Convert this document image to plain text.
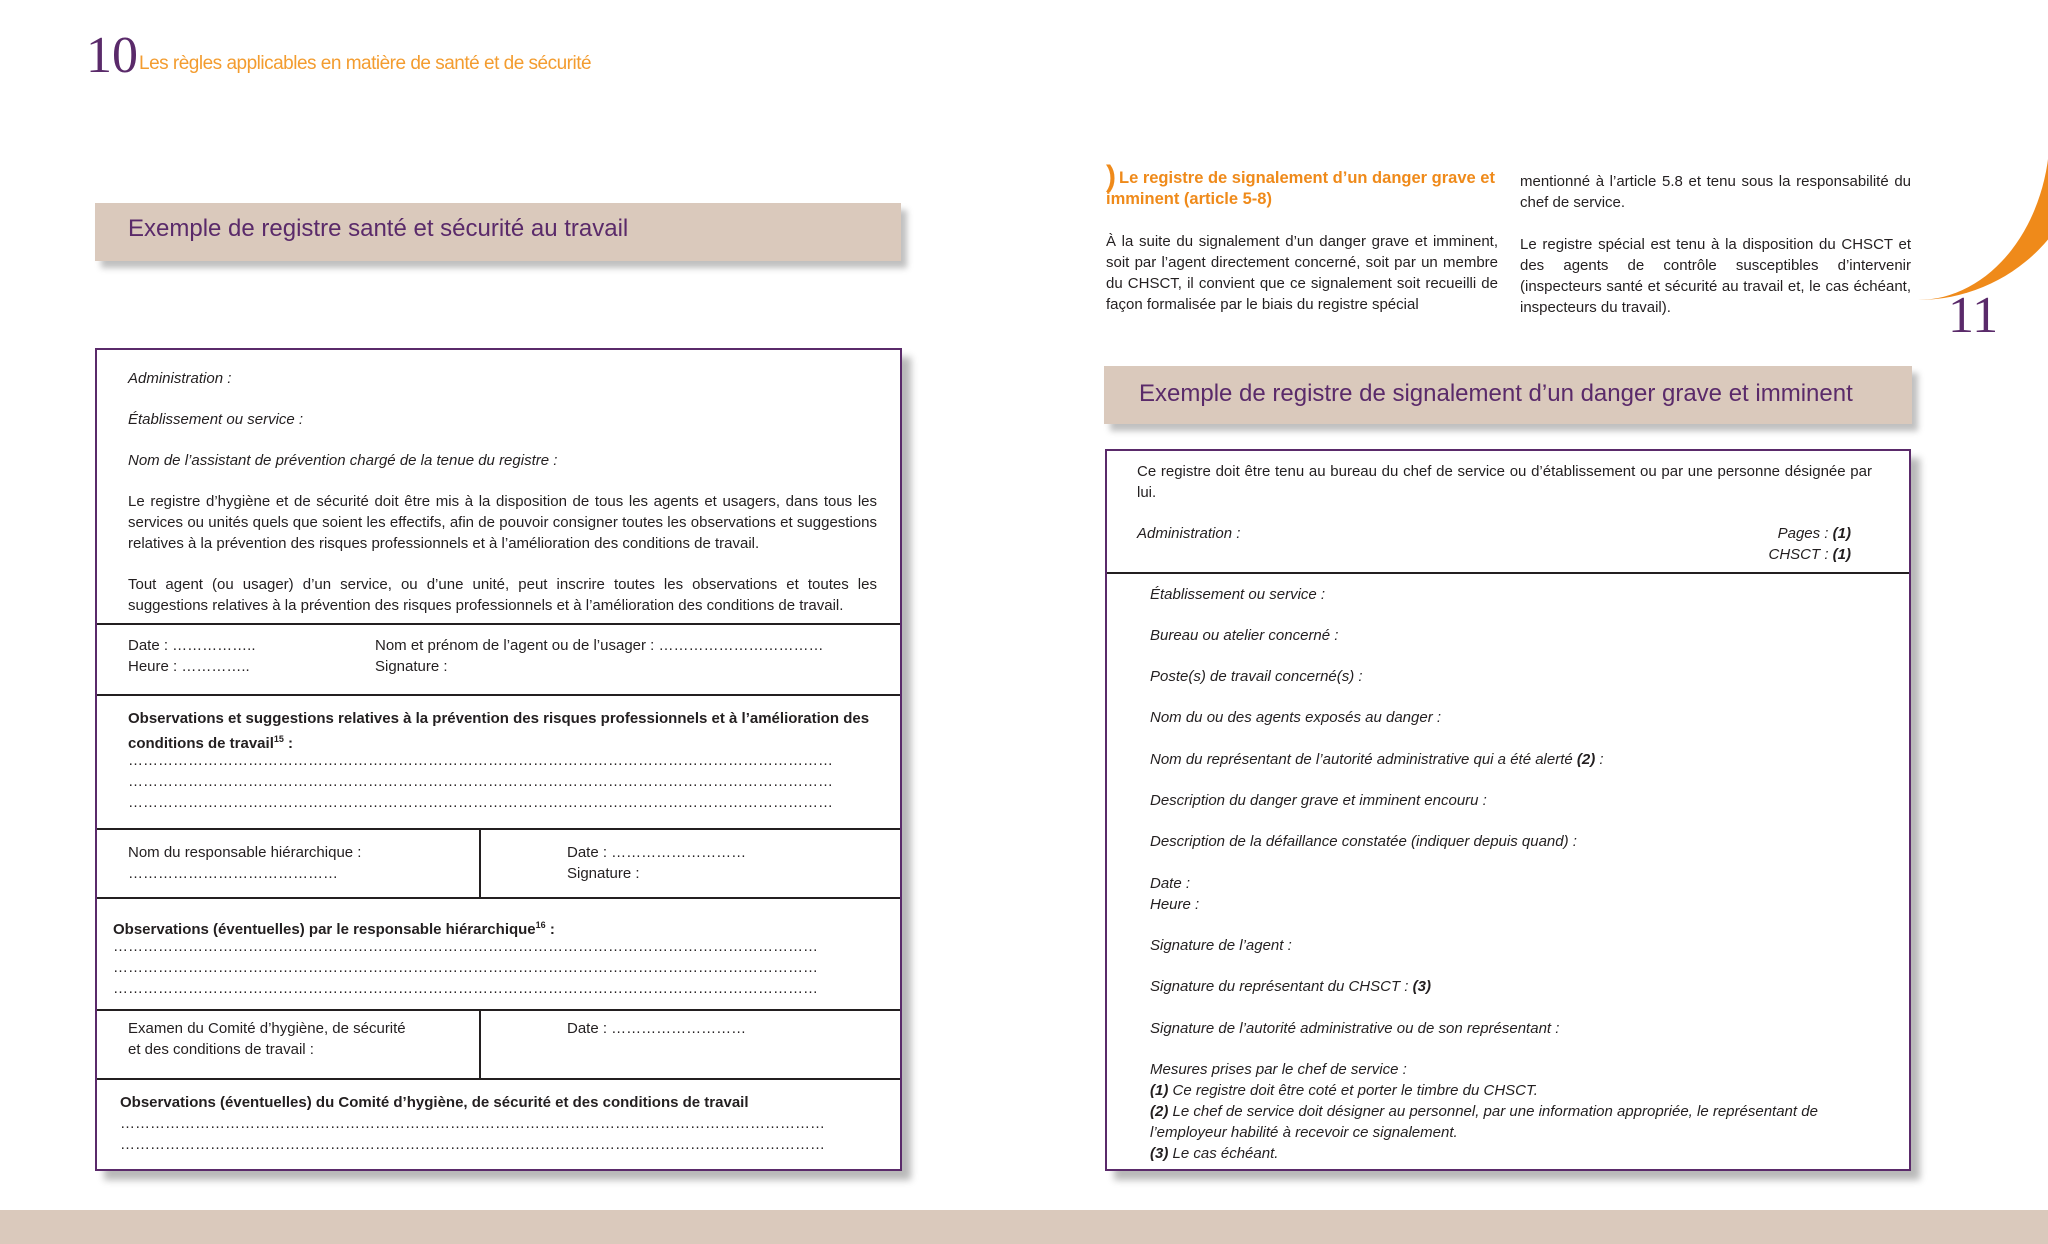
10 Les règles applicables en matière de santé et de sécurité
Exemple de registre santé et sécurité au travail
Administration :
Établissement ou service :
Nom de l’assistant de prévention chargé de la tenue du registre :
Le registre d’hygiène et de sécurité doit être mis à la disposition de tous les agents et usagers, dans tous les services ou unités quels que soient les effectifs, afin de pouvoir consigner toutes les observations et suggestions relatives à la prévention des risques professionnels et à l’amélioration des conditions de travail.
Tout agent (ou usager) d’un service, ou d’une unité, peut inscrire toutes les observations et toutes les suggestions relatives à la prévention des risques professionnels et à l’amélioration des conditions de travail.
Date : ……………..
Heure : …………..
Nom et prénom de l’agent ou de l’usager : ……………………………
Signature :
Observations et suggestions relatives à la prévention des risques professionnels et à l’amélioration des conditions de travail$^{15}$ :
……………………………………………………………………………………………………………………………
……………………………………………………………………………………………………………………………
……………………………………………………………………………………………………………………………
Nom du responsable hiérarchique :
……………………………………
Date : ………………………
Signature :
Observations (éventuelles) par le responsable hiérarchique$^{16}$ :
……………………………………………………………………………………………………………………………
……………………………………………………………………………………………………………………………
……………………………………………………………………………………………………………………………
Examen du Comité d’hygiène, de sécurité
et des conditions de travail :
Date : ………………………
Observations (éventuelles) du Comité d’hygiène, de sécurité et des conditions de travail
……………………………………………………………………………………………………………………………
……………………………………………………………………………………………………………………………
11
) Le registre de signalement d’un danger grave et imminent (article 5-8)
À la suite du signalement d’un danger grave et imminent, soit par l’agent directement concerné, soit par un membre du CHSCT, il convient que ce signalement soit recueilli de façon formalisée par le biais du registre spécial
mentionné à l’article 5.8 et tenu sous la responsabilité du chef de service.
Le registre spécial est tenu à la disposition du CHSCT et des agents de contrôle susceptibles d’intervenir (inspecteurs santé et sécurité au travail et, le cas échéant, inspecteurs du travail).
Exemple de registre de signalement d’un danger grave et imminent
Ce registre doit être tenu au bureau du chef de service ou d’établissement ou par une personne désignée par lui.
Administration :	Pages : (1)
CHSCT : (1)
Établissement ou service :
Bureau ou atelier concerné :
Poste(s) de travail concerné(s) :
Nom du ou des agents exposés au danger :
Nom du représentant de l’autorité administrative qui a été alerté (2) :
Description du danger grave et imminent encouru :
Description de la défaillance constatée (indiquer depuis quand) :
Date :
Heure :
Signature de l’agent :
Signature du représentant du CHSCT : (3)
Signature de l’autorité administrative ou de son représentant :
Mesures prises par le chef de service :
(1) Ce registre doit être coté et porter le timbre du CHSCT.
(2) Le chef de service doit désigner au personnel, par une information appropriée, le représentant de l’employeur habilité à recevoir ce signalement.
(3) Le cas échéant.
